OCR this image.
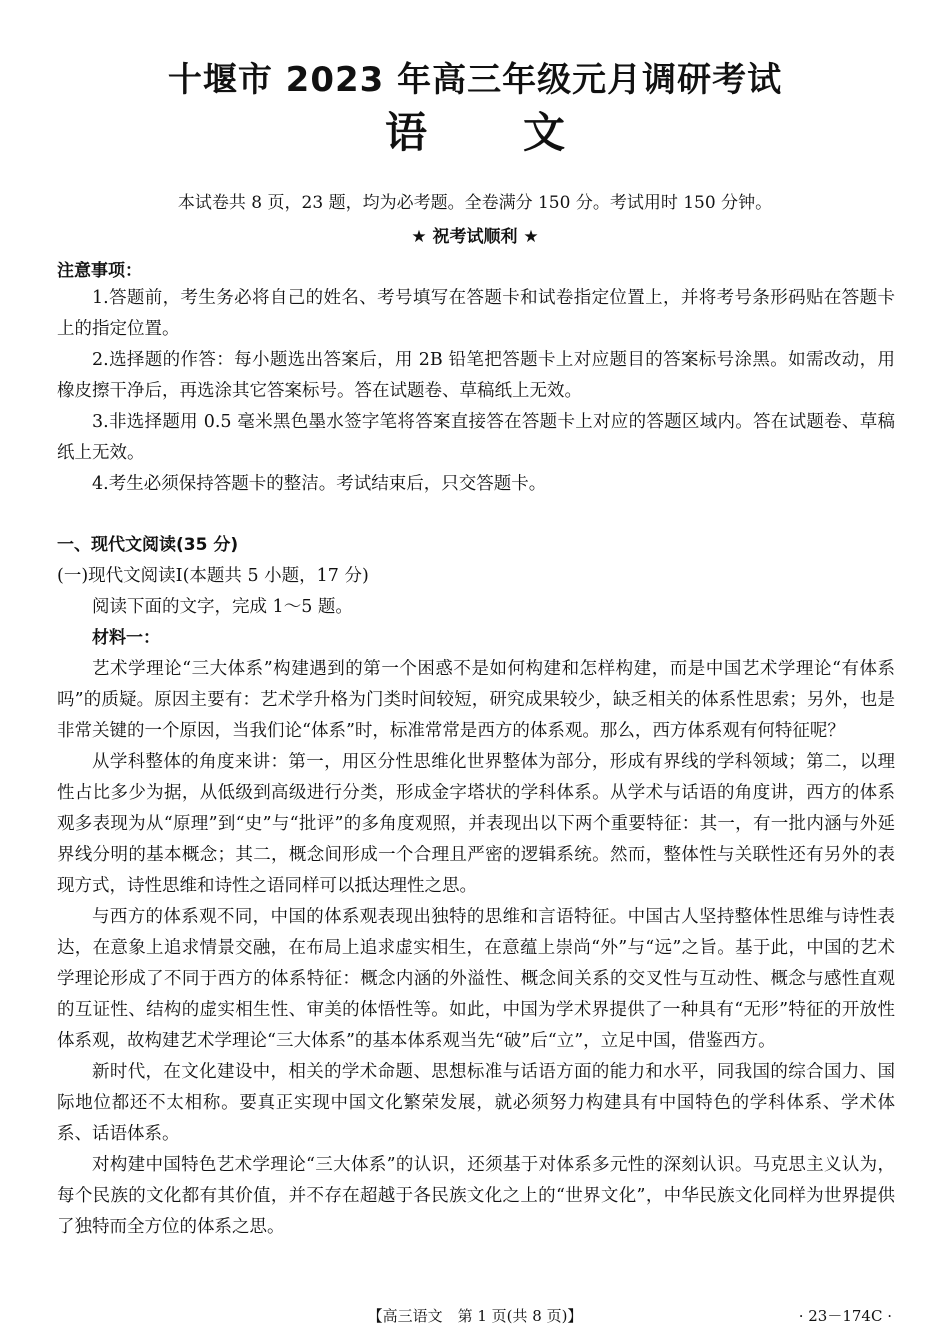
十堰市 2023 年高三年级元月调研考试
语 文
本试卷共 8 页，23 题，均为必考题。全卷满分 150 分。考试用时 150 分钟。
★ 祝考试顺利 ★
注意事项：

1.答题前，考生务必将自己的姓名、考号填写在答题卡和试卷指定位置上，并将考号条形码贴在答题卡上的指定位置。

2.选择题的作答：每小题选出答案后，用 2B 铅笔把答题卡上对应题目的答案标号涂黑。如需改动，用橡皮擦干净后，再选涂其它答案标号。答在试题卷、草稿纸上无效。

3.非选择题用 0.5 毫米黑色墨水签字笔将答案直接答在答题卡上对应的答题区域内。答在试题卷、草稿纸上无效。

4.考生必须保持答题卡的整洁。考试结束后，只交答题卡。

一、现代文阅读(35 分)

(一)现代文阅读Ⅰ(本题共 5 小题，17 分)

阅读下面的文字，完成 1～5 题。

材料一：

艺术学理论“三大体系”构建遇到的第一个困惑不是如何构建和怎样构建，而是中国艺术学理论“有体系吗”的质疑。原因主要有：艺术学升格为门类时间较短，研究成果较少，缺乏相关的体系性思索；另外，也是非常关键的一个原因，当我们论“体系”时，标准常常是西方的体系观。那么，西方体系观有何特征呢？

从学科整体的角度来讲：第一，用区分性思维化世界整体为部分，形成有界线的学科领域；第二，以理性占比多少为据，从低级到高级进行分类，形成金字塔状的学科体系。从学术与话语的角度讲，西方的体系观多表现为从“原理”到“史”与“批评”的多角度观照，并表现出以下两个重要特征：其一，有一批内涵与外延界线分明的基本概念；其二，概念间形成一个合理且严密的逻辑系统。然而，整体性与关联性还有另外的表现方式，诗性思维和诗性之语同样可以抵达理性之思。

与西方的体系观不同，中国的体系观表现出独特的思维和言语特征。中国古人坚持整体性思维与诗性表达，在意象上追求情景交融，在布局上追求虚实相生，在意蕴上崇尚“外”与“远”之旨。基于此，中国的艺术学理论形成了不同于西方的体系特征：概念内涵的外溢性、概念间关系的交叉性与互动性、概念与感性直观的互证性、结构的虚实相生性、审美的体悟性等。如此，中国为学术界提供了一种具有“无形”特征的开放性体系观，故构建艺术学理论“三大体系”的基本体系观当先“破”后“立”，立足中国，借鉴西方。

新时代，在文化建设中，相关的学术命题、思想标准与话语方面的能力和水平，同我国的综合国力、国际地位都还不太相称。要真正实现中国文化繁荣发展，就必须努力构建具有中国特色的学科体系、学术体系、话语体系。

对构建中国特色艺术学理论“三大体系”的认识，还须基于对体系多元性的深刻认识。马克思主义认为，每个民族的文化都有其价值，并不存在超越于各民族文化之上的“世界文化”，中华民族文化同样为世界提供了独特而全方位的体系之思。

【高三语文　第 1 页(共 8 页)】	· 23－174C ·
